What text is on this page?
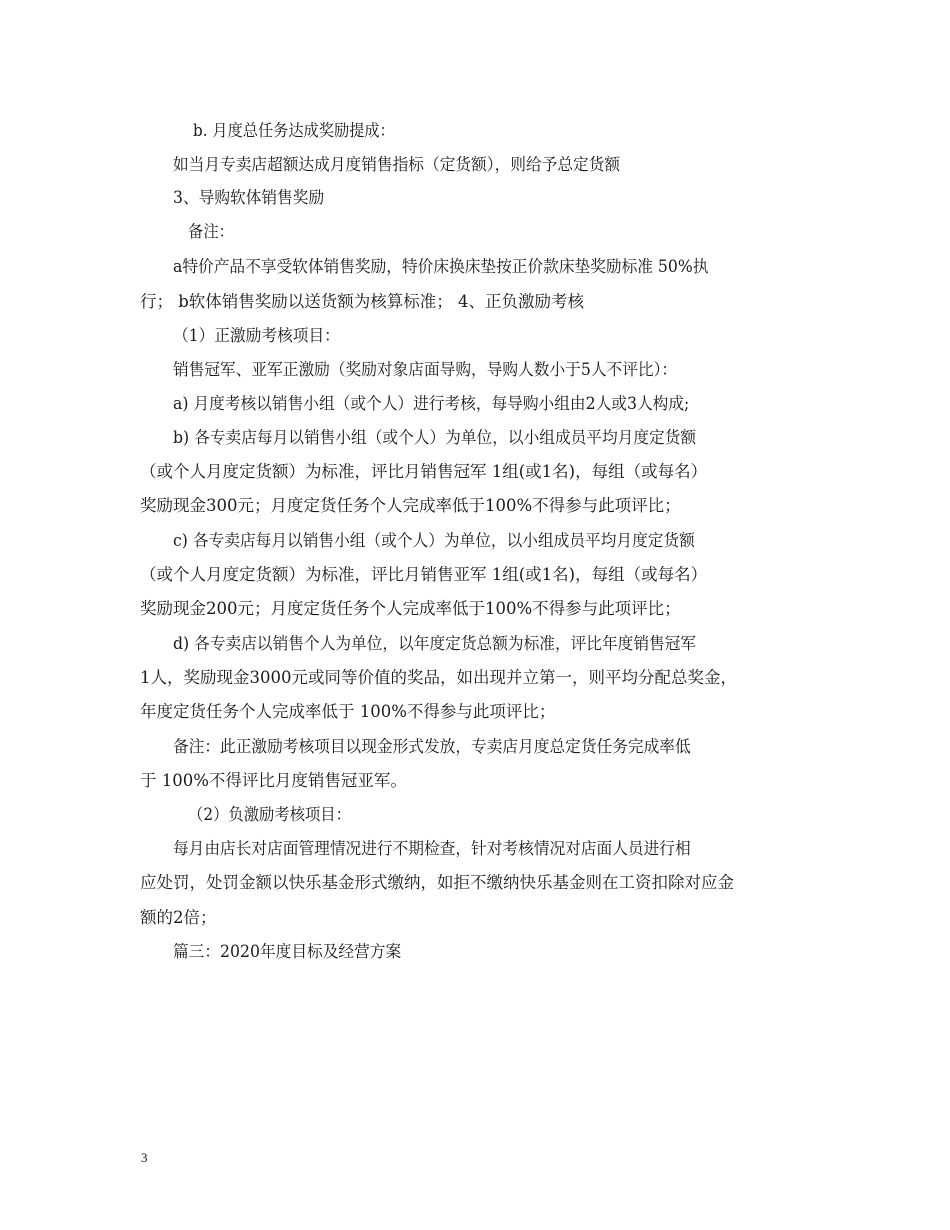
b. 月度总任务达成奖励提成：
如当月专卖店超额达成月度销售指标（定货额），则给予总定货额
3、导购软体销售奖励
备注：
a特价产品不享受软体销售奖励，特价床换床垫按正价款床垫奖励标准 50%执
行； b软体销售奖励以送货额为核算标准； 4、正负激励考核
（1）正激励考核项目：
销售冠军、亚军正激励（奖励对象店面导购，导购人数小于5人不评比）：
a) 月度考核以销售小组（或个人）进行考核，每导购小组由2人或3人构成;
b) 各专卖店每月以销售小组（或个人）为单位，以小组成员平均月度定货额
（或个人月度定货额）为标准，评比月销售冠军 1组(或1名)，每组（或每名）
奖励现金300元；月度定货任务个人完成率低于100%不得参与此项评比；
c) 各专卖店每月以销售小组（或个人）为单位，以小组成员平均月度定货额
（或个人月度定货额）为标准，评比月销售亚军 1组(或1名)，每组（或每名）
奖励现金200元；月度定货任务个人完成率低于100%不得参与此项评比；
d) 各专卖店以销售个人为单位，以年度定货总额为标准，评比年度销售冠军
1人，奖励现金3000元或同等价值的奖品，如出现并立第一，则平均分配总奖金，
年度定货任务个人完成率低于 100%不得参与此项评比；
备注：此正激励考核项目以现金形式发放，专卖店月度总定货任务完成率低
于 100%不得评比月度销售冠亚军。
（2）负激励考核项目：
每月由店长对店面管理情况进行不期检查，针对考核情况对店面人员进行相
应处罚，处罚金额以快乐基金形式缴纳，如拒不缴纳快乐基金则在工资扣除对应金
额的2倍；
篇三：2020年度目标及经营方案
3
